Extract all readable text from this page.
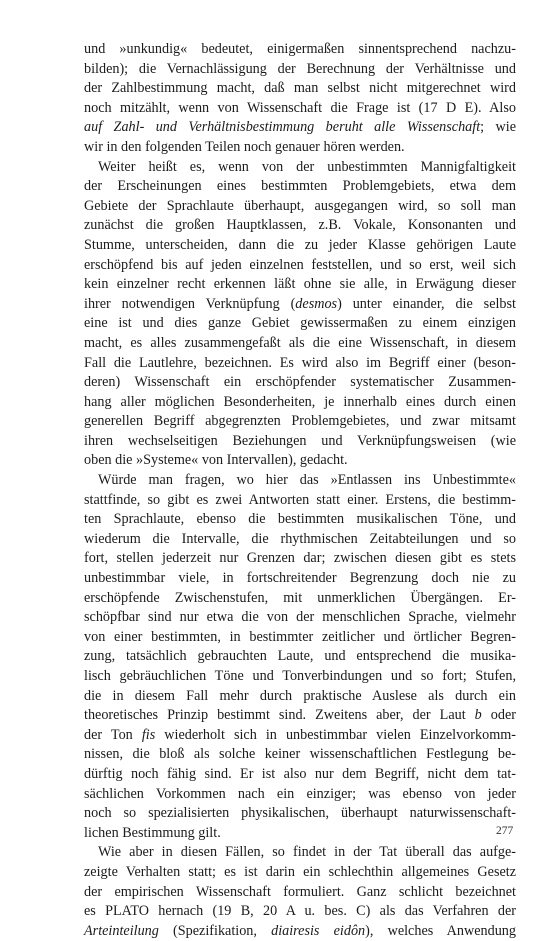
und »unkundig« bedeutet, einigermaßen sinnentsprechend nachzu-
bilden); die Vernachlässigung der Berechnung der Verhältnisse und
der Zahlbestimmung macht, daß man selbst nicht mitgerechnet wird
noch mitzählt, wenn von Wissenschaft die Frage ist (17 D E). Also
auf Zahl- und Verhältnisbestimmung beruht alle Wissenschaft; wie
wir in den folgenden Teilen noch genauer hören werden.
Weiter heißt es, wenn von der unbestimmten Mannigfaltigkeit
der Erscheinungen eines bestimmten Problemgebiets, etwa dem
Gebiete der Sprachlaute überhaupt, ausgegangen wird, so soll man
zunächst die großen Hauptklassen, z.B. Vokale, Konsonanten und
Stumme, unterscheiden, dann die zu jeder Klasse gehörigen Laute
erschöpfend bis auf jeden einzelnen feststellen, und so erst, weil sich
kein einzelner recht erkennen läßt ohne sie alle, in Erwägung dieser
ihrer notwendigen Verknüpfung (desmos) unter einander, die selbst
eine ist und dies ganze Gebiet gewissermaßen zu einem einzigen
macht, es alles zusammengefaßt als die eine Wissenschaft, in diesem
Fall die Lautlehre, bezeichnen. Es wird also im Begriff einer (beson-
deren) Wissenschaft ein erschöpfender systematischer Zusammen-
hang aller möglichen Besonderheiten, je innerhalb eines durch einen
generellen Begriff abgegrenzten Problemgebietes, und zwar mitsamt
ihren wechselseitigen Beziehungen und Verknüpfungsweisen (wie
oben die »Systeme« von Intervallen), gedacht.
Würde man fragen, wo hier das »Entlassen ins Unbestimmte«
stattfinde, so gibt es zwei Antworten statt einer. Erstens, die bestimm-
ten Sprachlaute, ebenso die bestimmten musikalischen Töne, und
wiederum die Intervalle, die rhythmischen Zeitabteilungen und so
fort, stellen jederzeit nur Grenzen dar; zwischen diesen gibt es stets
unbestimmbar viele, in fortschreitender Begrenzung doch nie zu
erschöpfende Zwischenstufen, mit unmerklichen Übergängen. Er-
schöpfbar sind nur etwa die von der menschlichen Sprache, vielmehr
von einer bestimmten, in bestimmter zeitlicher und örtlicher Begren-
zung, tatsächlich gebrauchten Laute, und entsprechend die musika-
lisch gebräuchlichen Töne und Tonverbindungen und so fort; Stufen,
die in diesem Fall mehr durch praktische Auslese als durch ein
theoretisches Prinzip bestimmt sind. Zweitens aber, der Laut b oder
der Ton fis wiederholt sich in unbestimmbar vielen Einzelvorkomm-
nissen, die bloß als solche keiner wissenschaftlichen Festlegung be-
dürftig noch fähig sind. Er ist also nur dem Begriff, nicht dem tat-
sächlichen Vorkommen nach ein einziger; was ebenso von jeder
noch so spezialisierten physikalischen, überhaupt naturwissenschaft-
lichen Bestimmung gilt.
Wie aber in diesen Fällen, so findet in der Tat überall das aufge-
zeigte Verhalten statt; es ist darin ein schlechthin allgemeines Gesetz
der empirischen Wissenschaft formuliert. Ganz schlicht bezeichnet
es PLATO hernach (19 B, 20 A u. bes. C) als das Verfahren der
Arteinteilung (Spezifikation, diairesis eidôn), welches Anwendung
277
